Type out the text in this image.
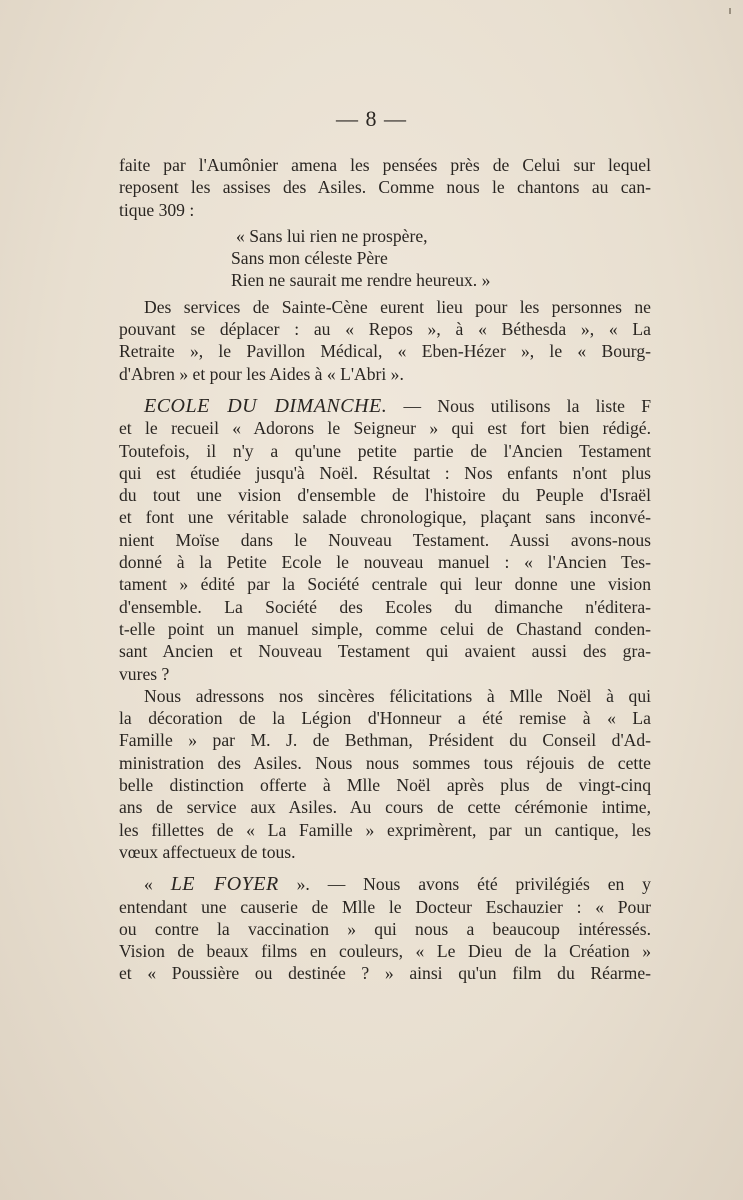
— 8 —
faite par l'Aumônier amena les pensées près de Celui sur lequel
reposent les assises des Asiles. Comme nous le chantons au can-
tique 309 :
« Sans lui rien ne prospère,
Sans mon céleste Père
Rien ne saurait me rendre heureux. »
Des services de Sainte-Cène eurent lieu pour les personnes ne
pouvant se déplacer : au « Repos », à « Béthesda », « La
Retraite », le Pavillon Médical, « Eben-Hézer », le « Bourg-
d'Abren » et pour les Aides à « L'Abri ».
ECOLE DU DIMANCHE. — Nous utilisons la liste F
et le recueil « Adorons le Seigneur » qui est fort bien rédigé.
Toutefois, il n'y a qu'une petite partie de l'Ancien Testament
qui est étudiée jusqu'à Noël. Résultat : Nos enfants n'ont plus
du tout une vision d'ensemble de l'histoire du Peuple d'Israël
et font une véritable salade chronologique, plaçant sans inconvé-
nient Moïse dans le Nouveau Testament. Aussi avons-nous
donné à la Petite Ecole le nouveau manuel : « l'Ancien Tes-
tament » édité par la Société centrale qui leur donne une vision
d'ensemble. La Société des Ecoles du dimanche n'éditera-
t-elle point un manuel simple, comme celui de Chastand conden-
sant Ancien et Nouveau Testament qui avaient aussi des gra-
vures ?
Nous adressons nos sincères félicitations à Mlle Noël à qui
la décoration de la Légion d'Honneur a été remise à « La
Famille » par M. J. de Bethman, Président du Conseil d'Ad-
ministration des Asiles. Nous nous sommes tous réjouis de cette
belle distinction offerte à Mlle Noël après plus de vingt-cinq
ans de service aux Asiles. Au cours de cette cérémonie intime,
les fillettes de « La Famille » exprimèrent, par un cantique, les
vœux affectueux de tous.
« LE FOYER ». — Nous avons été privilégiés en y
entendant une causerie de Mlle le Docteur Eschauzier : « Pour
ou contre la vaccination » qui nous a beaucoup intéressés.
Vision de beaux films en couleurs, « Le Dieu de la Création »
et « Poussière ou destinée ? » ainsi qu'un film du Réarme-
